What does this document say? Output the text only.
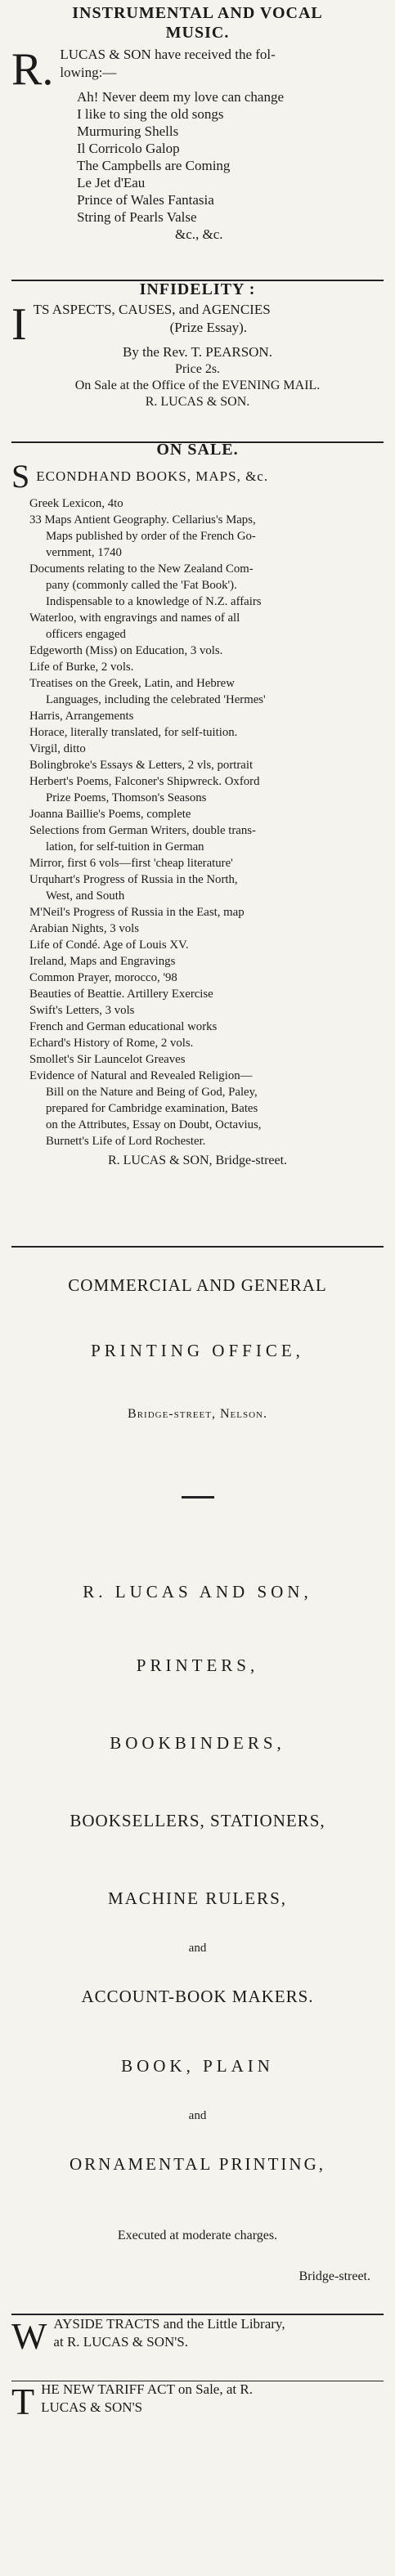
INSTRUMENTAL AND VOCAL
MUSIC.
R. LUCAS & SON have received the fol-
lowing:—
Ah! Never deem my love can change
I like to sing the old songs
Murmuring Shells
Il Corricolo Galop
The Campbells are Coming
Le Jet d'Eau
Prince of Wales Fantasia
String of Pearls Valse
&c., &c.
INFIDELITY :
I TS ASPECTS, CAUSES, and AGENCIES
(Prize Essay).
By the Rev. T. PEARSON.
Price 2s.
On Sale at the Office of the EVENING MAIL.
R. LUCAS & SON.
ON SALE.
S ECONDHAND BOOKS, MAPS, &c.
Greek Lexicon, 4to
33 Maps Antient Geography. Cellarius's Maps,
Maps published by order of the French Go-
vernment, 1740
Documents relating to the New Zealand Com-
pany (commonly called the 'Fat Book').
Indispensable to a knowledge of N.Z. affairs
Waterloo, with engravings and names of all
officers engaged
Edgeworth (Miss) on Education, 3 vols.
Life of Burke, 2 vols.
Treatises on the Greek, Latin, and Hebrew
Languages, including the celebrated 'Hermes'
Harris, Arrangements
Horace, literally translated, for self-tuition.
Virgil, ditto
Bolingbroke's Essays & Letters, 2 vls, portrait
Herbert's Poems, Falconer's Shipwreck. Oxford
Prize Poems, Thomson's Seasons
Joanna Baillie's Poems, complete
Selections from German Writers, double trans-
lation, for self-tuition in German
Mirror, first 6 vols—first 'cheap literature'
Urquhart's Progress of Russia in the North,
West, and South
M'Neil's Progress of Russia in the East, map
Arabian Nights, 3 vols
Life of Condé. Age of Louis XV.
Ireland, Maps and Engravings
Common Prayer, morocco, '98
Beauties of Beattie. Artillery Exercise
Swift's Letters, 3 vols
French and German educational works
Echard's History of Rome, 2 vols.
Smollet's Sir Launcelot Greaves
Evidence of Natural and Revealed Religion—
Bill on the Nature and Being of God, Paley,
prepared for Cambridge examination, Bates
on the Attributes, Essay on Doubt, Octavius,
Burnett's Life of Lord Rochester.
R. LUCAS & SON, Bridge-street.
COMMERCIAL AND GENERAL
PRINTING OFFICE,
Bridge-street, Nelson.
R. LUCAS AND SON,
PRINTERS,
BOOKBINDERS,
BOOKSELLERS, STATIONERS,
MACHINE RULERS,
and
ACCOUNT-BOOK MAKERS.
BOOK, PLAIN
and
ORNAMENTAL PRINTING,
Executed at moderate charges.
Bridge-street.
W AYSIDE TRACTS and the Little Library,
at R. LUCAS & SON'S.
T HE NEW TARIFF ACT on Sale, at R.
LUCAS & SON'S
